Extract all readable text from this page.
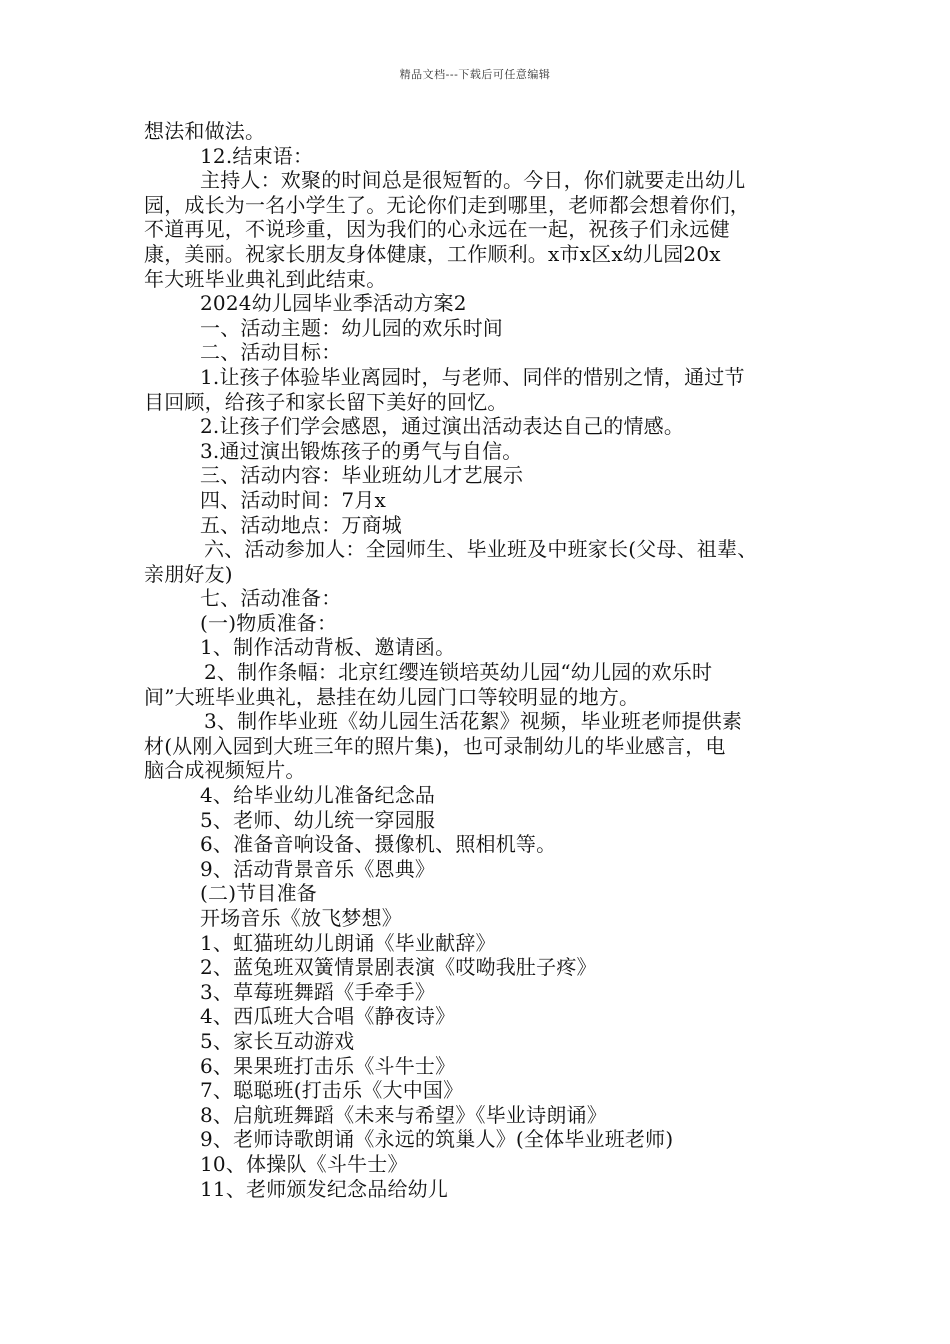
精品文档---下载后可任意编辑
想法和做法。
12.结束语：
主持人：欢聚的时间总是很短暂的。今日，你们就要走出幼儿
园，成长为一名小学生了。无论你们走到哪里，老师都会想着你们，
不道再见，不说珍重，因为我们的心永远在一起，祝孩子们永远健
康，美丽。祝家长朋友身体健康，工作顺利。x市x区x幼儿园20x
年大班毕业典礼到此结束。
2024幼儿园毕业季活动方案2
一、活动主题：幼儿园的欢乐时间
二、活动目标：
1.让孩子体验毕业离园时，与老师、同伴的惜别之情，通过节
目回顾，给孩子和家长留下美好的回忆。
2.让孩子们学会感恩，通过演出活动表达自己的情感。
3.通过演出锻炼孩子的勇气与自信。
三、活动内容：毕业班幼儿才艺展示
四、活动时间：7月x
五、活动地点：万商城
六、活动参加人：全园师生、毕业班及中班家长(父母、祖辈、
亲朋好友)
七、活动准备：
(一)物质准备：
1、制作活动背板、邀请函。
2、制作条幅：北京红缨连锁培英幼儿园“幼儿园的欢乐时
间”大班毕业典礼，悬挂在幼儿园门口等较明显的地方。
3、制作毕业班《幼儿园生活花絮》视频，毕业班老师提供素
材(从刚入园到大班三年的照片集)，也可录制幼儿的毕业感言，电
脑合成视频短片。
4、给毕业幼儿准备纪念品
5、老师、幼儿统一穿园服
6、准备音响设备、摄像机、照相机等。
9、活动背景音乐《恩典》
(二)节目准备
开场音乐《放飞梦想》
1、虹猫班幼儿朗诵《毕业献辞》
2、蓝兔班双簧情景剧表演《哎呦我肚子疼》
3、草莓班舞蹈《手牵手》
4、西瓜班大合唱《静夜诗》
5、家长互动游戏
6、果果班打击乐《斗牛士》
7、聪聪班(打击乐《大中国》
8、启航班舞蹈《未来与希望》《毕业诗朗诵》
9、老师诗歌朗诵《永远的筑巢人》(全体毕业班老师)
10、体操队《斗牛士》
11、老师颁发纪念品给幼儿
